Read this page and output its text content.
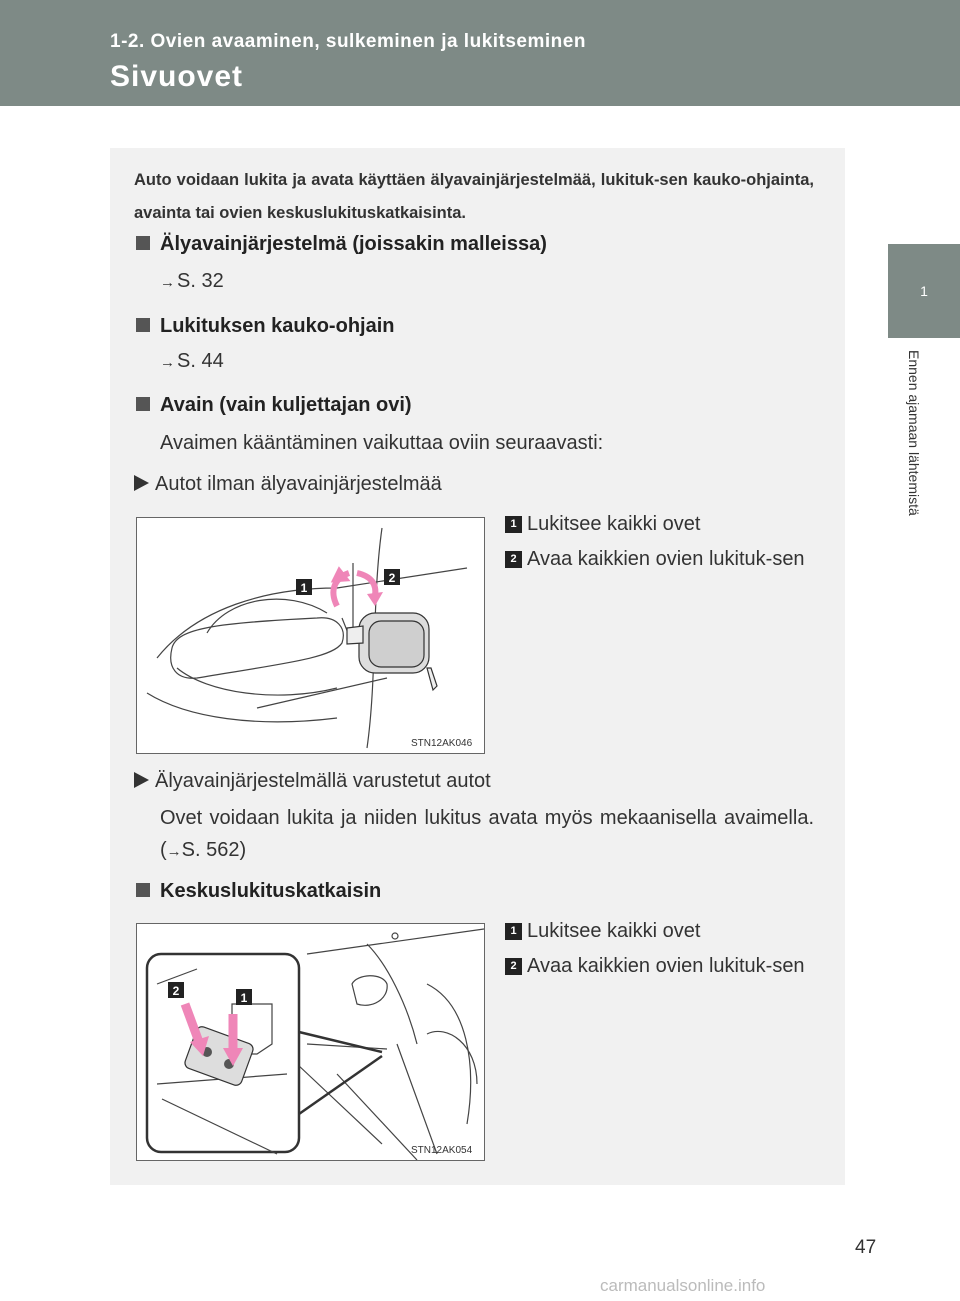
1-2. Ovien avaaminen, sulkeminen ja lukitseminen
Sivuovet
1
Ennen ajamaan lähtemistä
Auto voidaan lukita ja avata käyttäen älyavainjärjestelmää, lukituk-sen kauko-ohjainta, avainta tai ovien keskuslukituskatkaisinta.
Älyavainjärjestelmä (joissakin malleissa)
→ S. 32
Lukituksen kauko-ohjain
→ S. 44
Avain (vain kuljettajan ovi)
Avaimen kääntäminen vaikuttaa oviin seuraavasti:
Autot ilman älyavainjärjestelmää
1
2
STN12AK046
1 Lukitsee kaikki ovet
2 Avaa kaikkien ovien lukituk-sen
Älyavainjärjestelmällä varustetut autot
Ovet voidaan lukita ja niiden lukitus avata myös mekaanisella avaimella. (→S. 562)
Keskuslukituskatkaisin
2	1
STN12AK054
1 Lukitsee kaikki ovet
2 Avaa kaikkien ovien lukituk-sen
47
carmanualsonline.info
